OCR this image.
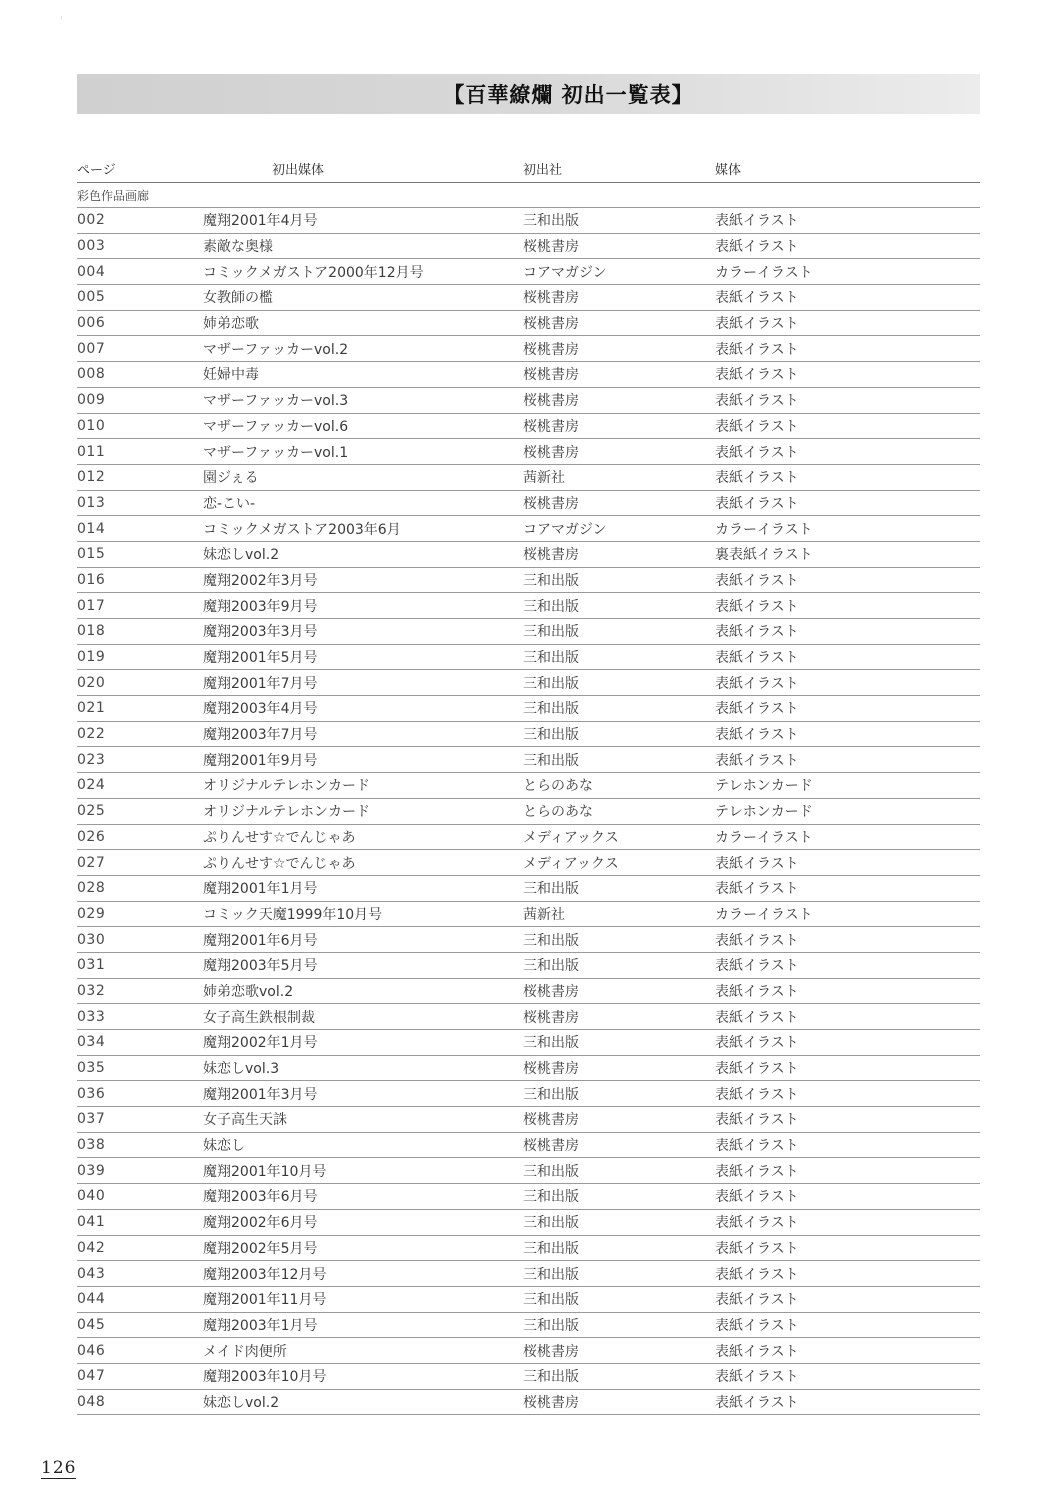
'
【百華繚爛 初出一覧表】
ページ	初出媒体	初出社	媒体
彩色作品画廊
002	魔翔2001年4月号	三和出版	表紙イラスト
003	素敵な奥様	桜桃書房	表紙イラスト
004	コミックメガストア2000年12月号	コアマガジン	カラーイラスト
005	女教師の檻	桜桃書房	表紙イラスト
006	姉弟恋歌	桜桃書房	表紙イラスト
007	マザーファッカーvol.2	桜桃書房	表紙イラスト
008	妊婦中毒	桜桃書房	表紙イラスト
009	マザーファッカーvol.3	桜桃書房	表紙イラスト
010	マザーファッカーvol.6	桜桃書房	表紙イラスト
011	マザーファッカーvol.1	桜桃書房	表紙イラスト
012	園ジぇる	茜新社	表紙イラスト
013	恋-こい-	桜桃書房	表紙イラスト
014	コミックメガストア2003年6月	コアマガジン	カラーイラスト
015	妹恋しvol.2	桜桃書房	裏表紙イラスト
016	魔翔2002年3月号	三和出版	表紙イラスト
017	魔翔2003年9月号	三和出版	表紙イラスト
018	魔翔2003年3月号	三和出版	表紙イラスト
019	魔翔2001年5月号	三和出版	表紙イラスト
020	魔翔2001年7月号	三和出版	表紙イラスト
021	魔翔2003年4月号	三和出版	表紙イラスト
022	魔翔2003年7月号	三和出版	表紙イラスト
023	魔翔2001年9月号	三和出版	表紙イラスト
024	オリジナルテレホンカード	とらのあな	テレホンカード
025	オリジナルテレホンカード	とらのあな	テレホンカード
026	ぷりんせす☆でんじゃあ	メディアックス	カラーイラスト
027	ぷりんせす☆でんじゃあ	メディアックス	表紙イラスト
028	魔翔2001年1月号	三和出版	表紙イラスト
029	コミック天魔1999年10月号	茜新社	カラーイラスト
030	魔翔2001年6月号	三和出版	表紙イラスト
031	魔翔2003年5月号	三和出版	表紙イラスト
032	姉弟恋歌vol.2	桜桃書房	表紙イラスト
033	女子高生鉄根制裁	桜桃書房	表紙イラスト
034	魔翔2002年1月号	三和出版	表紙イラスト
035	妹恋しvol.3	桜桃書房	表紙イラスト
036	魔翔2001年3月号	三和出版	表紙イラスト
037	女子高生天誅	桜桃書房	表紙イラスト
038	妹恋し	桜桃書房	表紙イラスト
039	魔翔2001年10月号	三和出版	表紙イラスト
040	魔翔2003年6月号	三和出版	表紙イラスト
041	魔翔2002年6月号	三和出版	表紙イラスト
042	魔翔2002年5月号	三和出版	表紙イラスト
043	魔翔2003年12月号	三和出版	表紙イラスト
044	魔翔2001年11月号	三和出版	表紙イラスト
045	魔翔2003年1月号	三和出版	表紙イラスト
046	メイド肉便所	桜桃書房	表紙イラスト
047	魔翔2003年10月号	三和出版	表紙イラスト
048	妹恋しvol.2	桜桃書房	表紙イラスト
126
